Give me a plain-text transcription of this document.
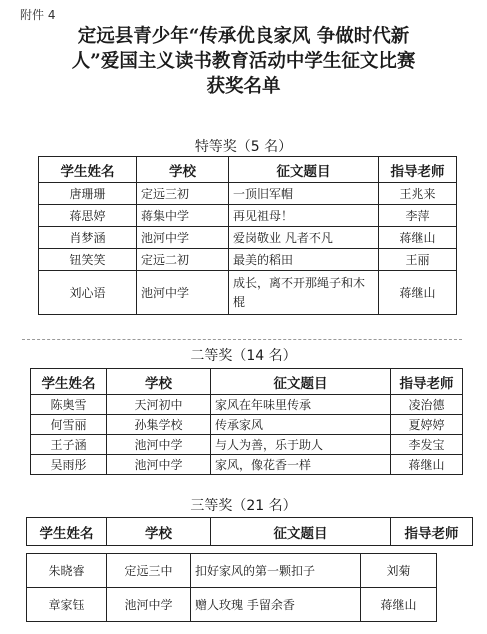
附件 4
定远县青少年“传承优良家风 争做时代新
人”爱国主义读书教育活动中学生征文比赛
获奖名单
特等奖（5 名）
学生姓名	学校	征文题目	指导老师
唐珊珊	定远三初	一顶旧军帽	王兆来
蒋思婷	蒋集中学	再见祖母！	李萍
肖梦涵	池河中学	爱岗敬业 凡者不凡	蒋继山
钮笑笑	定远二初	最美的稻田	王丽
刘心语	池河中学	成长，离不开那绳子和木棍	蒋继山
二等奖（14 名）
学生姓名	学校	征文题目	指导老师
陈奥雪	天河初中	家风在年味里传承	凌治德
何雪丽	孙集学校	传承家风	夏婷婷
王子涵	池河中学	与人为善，乐于助人	李发宝
吴雨彤	池河中学	家风，像花香一样	蒋继山
三等奖（21 名）
学生姓名	学校	征文题目	指导老师
朱晓睿	定远三中	扣好家风的第一颗扣子	刘菊
章家钰	池河中学	赠人玫瑰 手留余香	蒋继山
